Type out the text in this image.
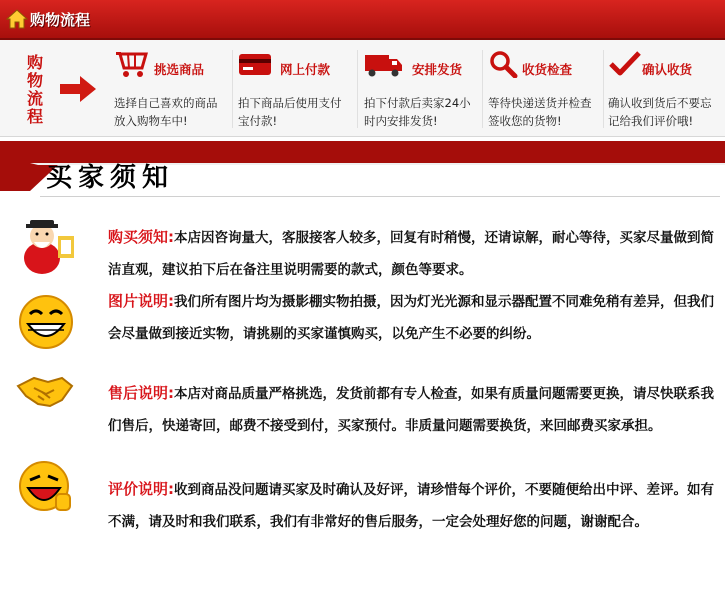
购物流程
购
物
流
程
挑选商品
选择自己喜欢的商品
放入购物车中!
网上付款
拍下商品后使用支付
宝付款!
安排发货
拍下付款后卖家24小
时内安排发货!
收货检查
等待快递送货并检查
签收您的货物!
确认收货
确认收到货后不要忘
记给我们评价哦!
买家须知
购买须知:本店因咨询量大，客服接客人较多，回复有时稍慢，还请谅解，耐心等待，买家尽量做到简洁直观，建议拍下后在备注里说明需要的款式，颜色等要求。
图片说明:我们所有图片均为摄影棚实物拍摄，因为灯光光源和显示器配置不同难免稍有差异，但我们会尽量做到接近实物，请挑剔的买家谨慎购买，以免产生不必要的纠纷。
售后说明:本店对商品质量严格挑选，发货前都有专人检查，如果有质量问题需要更换，请尽快联系我们售后，快递寄回，邮费不接受到付，买家预付。非质量问题需要换货，来回邮费买家承担。
评价说明:收到商品没问题请买家及时确认及好评，请珍惜每个评价，不要随便给出中评、差评。如有不满，请及时和我们联系，我们有非常好的售后服务，一定会处理好您的问题，谢谢配合。
